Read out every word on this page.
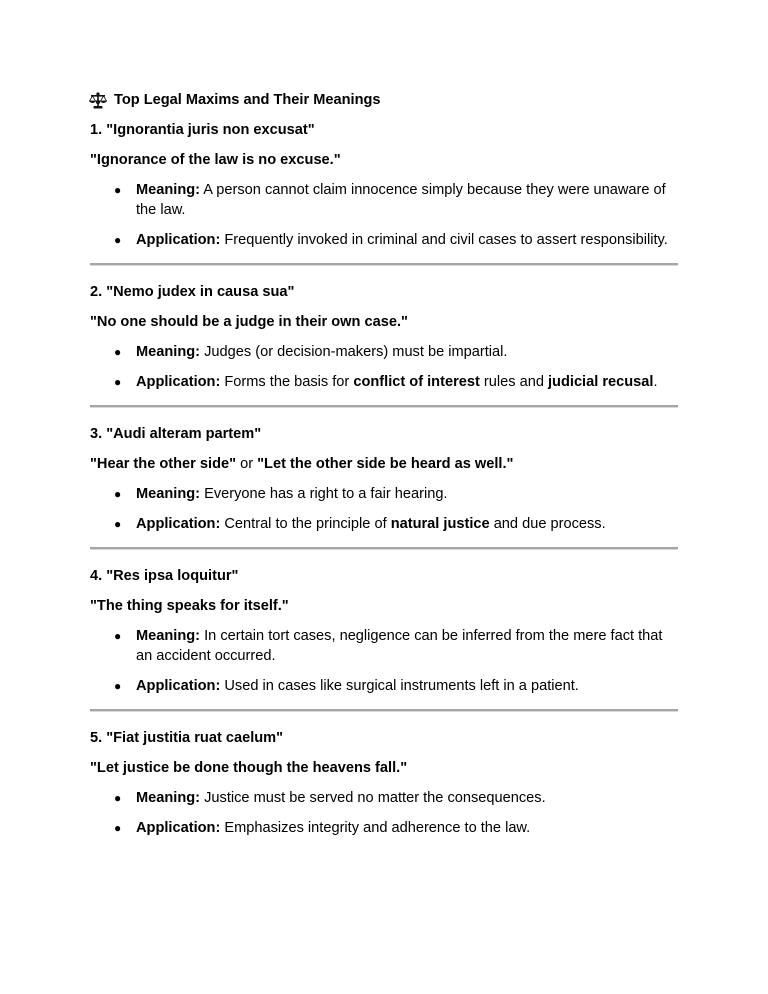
Top Legal Maxims and Their Meanings
1. "Ignorantia juris non excusat"
"Ignorance of the law is no excuse."
● Meaning: A person cannot claim innocence simply because they were unaware of the law.
● Application: Frequently invoked in criminal and civil cases to assert responsibility.
2. "Nemo judex in causa sua"
"No one should be a judge in their own case."
● Meaning: Judges (or decision-makers) must be impartial.
● Application: Forms the basis for conflict of interest rules and judicial recusal.
3. "Audi alteram partem"
"Hear the other side" or "Let the other side be heard as well."
● Meaning: Everyone has a right to a fair hearing.
● Application: Central to the principle of natural justice and due process.
4. "Res ipsa loquitur"
"The thing speaks for itself."
● Meaning: In certain tort cases, negligence can be inferred from the mere fact that an accident occurred.
● Application: Used in cases like surgical instruments left in a patient.
5. "Fiat justitia ruat caelum"
"Let justice be done though the heavens fall."
● Meaning: Justice must be served no matter the consequences.
● Application: Emphasizes integrity and adherence to the law.
